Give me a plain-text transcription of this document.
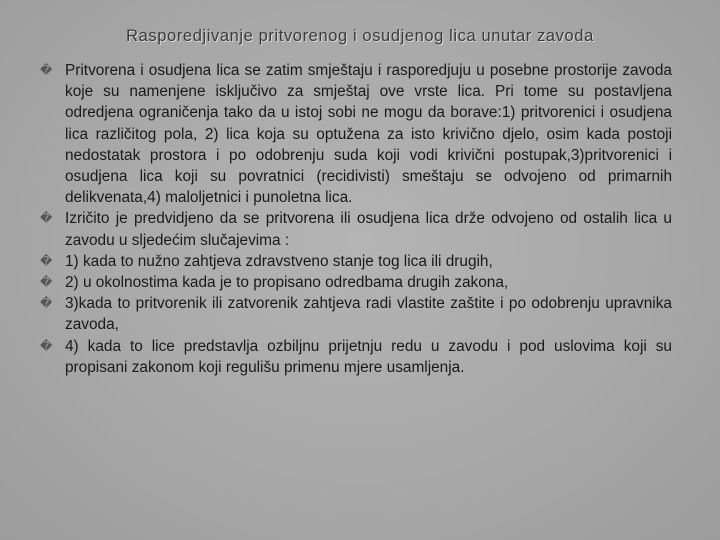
Rasporedjivanje pritvorenog i osudjenog lica unutar zavoda
� Pritvorena i osudjena lica se zatim smještaju i rasporedjuju u posebne prostorije zavoda koje su namenjene isključivo za smještaj ove vrste lica. Pri tome su postavljena odredjena ograničenja tako da u istoj sobi ne mogu da borave:1) pritvorenici i osudjena lica različitog pola, 2) lica koja su optužena za isto krivično djelo, osim kada postoji nedostatak prostora i po odobrenju suda koji vodi krivični postupak,3)pritvorenici i osudjena lica koji su povratnici (recidivisti) smeštaju se odvojeno od primarnih delikvenata,4) maloljetnici i punoletna lica.
� Izričito je predvidjeno da se pritvorena ili osudjena lica drže odvojeno od ostalih lica u zavodu u sljedećim slučajevima :
� 1) kada to nužno zahtjeva zdravstveno stanje tog lica ili drugih,
� 2) u okolnostima kada je to propisano odredbama drugih zakona,
� 3)kada to pritvorenik ili zatvorenik zahtjeva radi vlastite zaštite i po odobrenju upravnika zavoda,
� 4) kada to lice predstavlja ozbiljnu prijetnju redu u zavodu i pod uslovima koji su propisani zakonom koji regulišu primenu mjere usamljenja.
